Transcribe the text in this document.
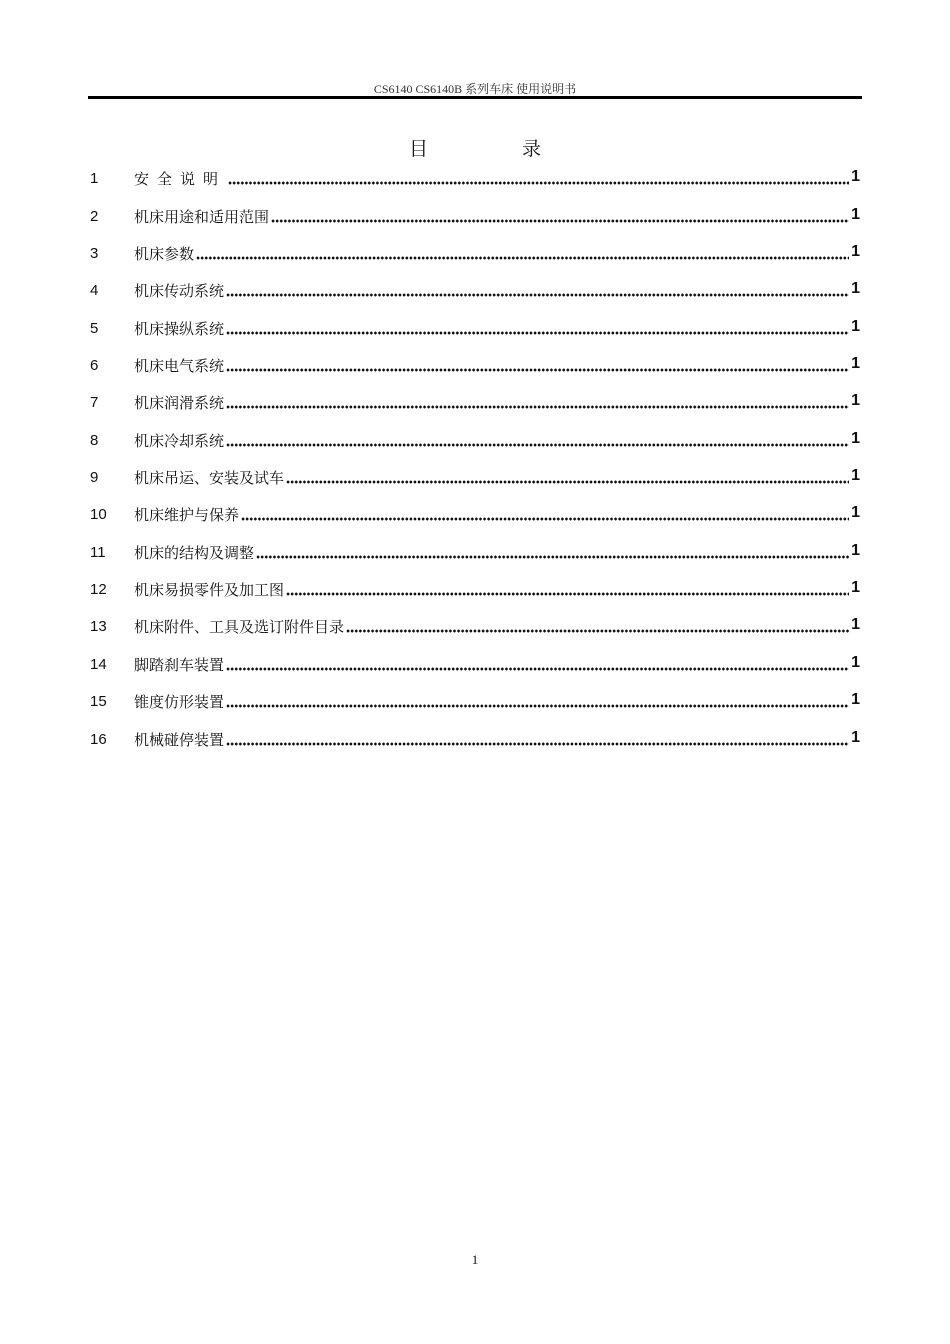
CS6140 CS6140B 系列车床 使用说明书
目 录
1	安全说明	1
2	机床用途和适用范围	1
3	机床参数	1
4	机床传动系统	1
5	机床操纵系统	1
6	机床电气系统	1
7	机床润滑系统	1
8	机床冷却系统	1
9	机床吊运、安装及试车	1
10	机床维护与保养	1
11	机床的结构及调整	1
12	机床易损零件及加工图	1
13	机床附件、工具及选订附件目录	1
14	脚踏刹车装置	1
15	锥度仿形装置	1
16	机械碰停装置	1
1
